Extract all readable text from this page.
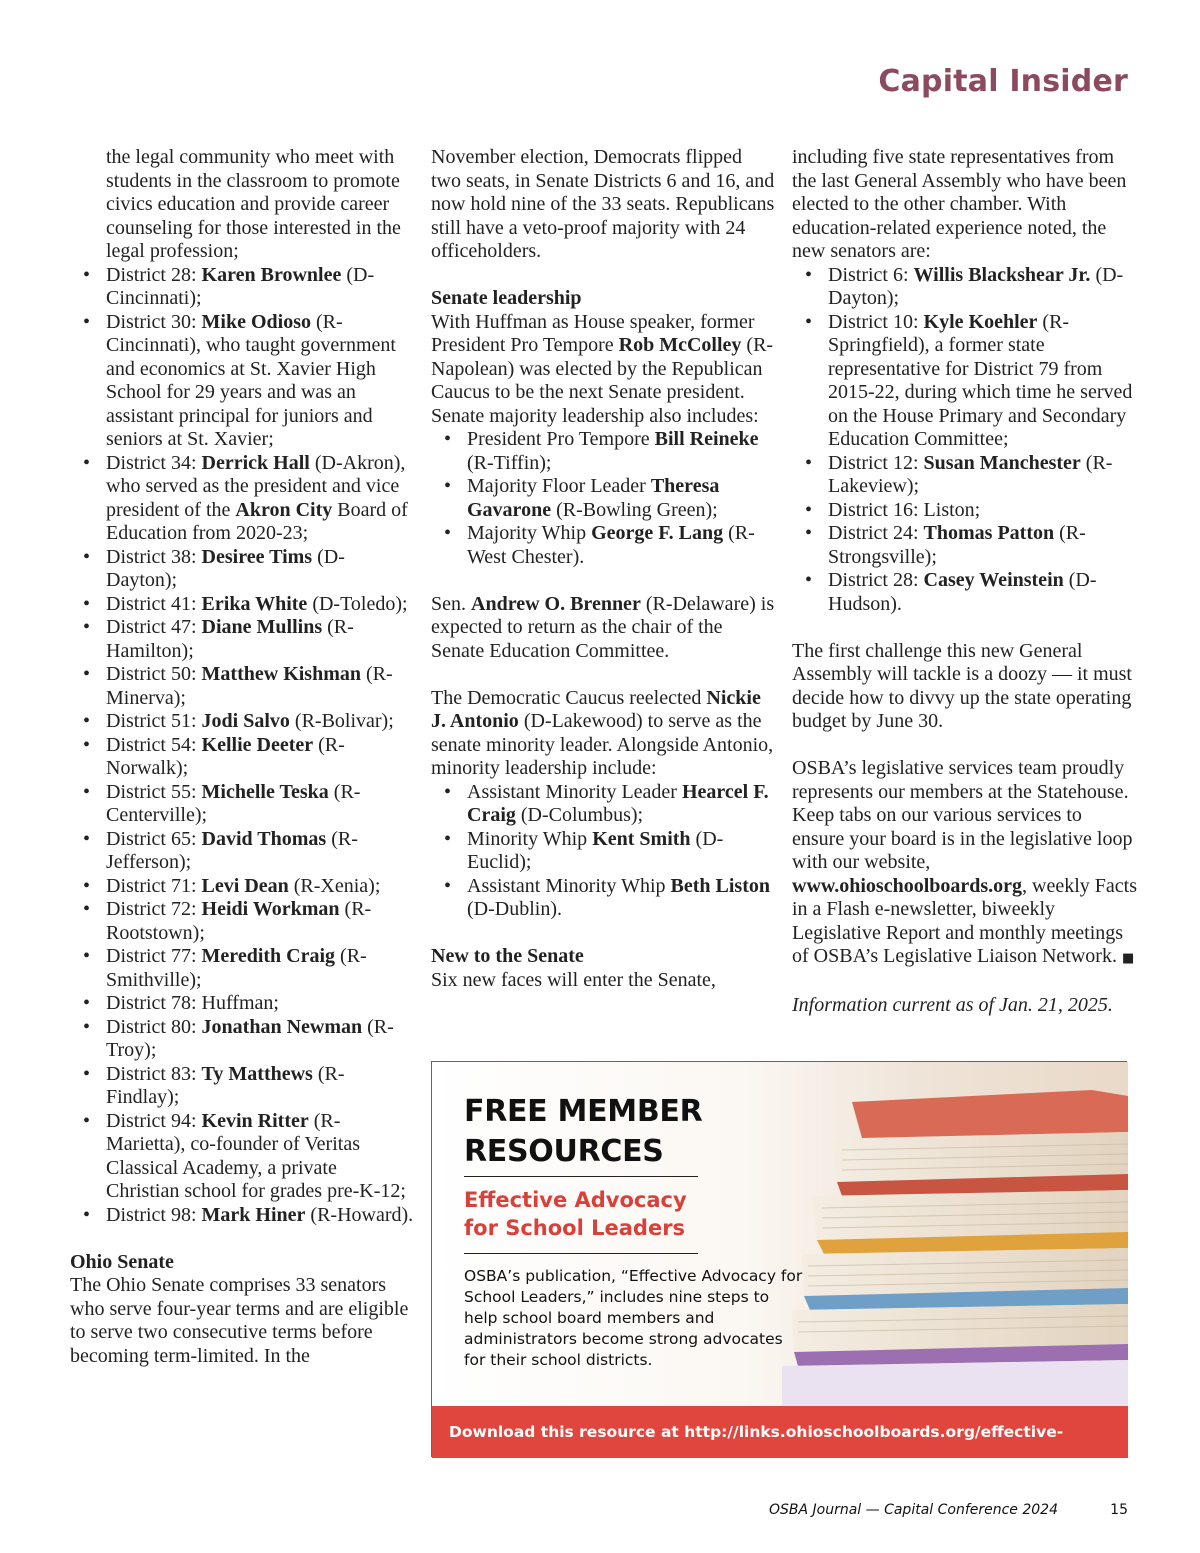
Capital Insider

the legal community who meet with students in the classroom to promote civics education and provide career counseling for those interested in the legal profession;

• District 28: Karen Brownlee (D-Cincinnati);
• District 30: Mike Odioso (R-Cincinnati), who taught government and economics at St. Xavier High School for 29 years and was an assistant principal for juniors and seniors at St. Xavier;
• District 34: Derrick Hall (D-Akron), who served as the president and vice president of the Akron City Board of Education from 2020-23;
• District 38: Desiree Tims (D-Dayton);
• District 41: Erika White (D-Toledo);
• District 47: Diane Mullins (R-Hamilton);
• District 50: Matthew Kishman (R-Minerva);
• District 51: Jodi Salvo (R-Bolivar);
• District 54: Kellie Deeter (R-Norwalk);
• District 55: Michelle Teska (R-Centerville);
• District 65: David Thomas (R-Jefferson);
• District 71: Levi Dean (R-Xenia);
• District 72: Heidi Workman (R-Rootstown);
• District 77: Meredith Craig (R-Smithville);
• District 78: Huffman;
• District 80: Jonathan Newman (R- Troy);
• District 83: Ty Matthews (R-Findlay);
• District 94: Kevin Ritter (R-Marietta), co-founder of Veritas Classical Academy, a private Christian school for grades pre-K-12;
• District 98: Mark Hiner (R-Howard).
Ohio Senate

The Ohio Senate comprises 33 senators who serve four-year terms and are eligible to serve two consecutive terms before becoming term-limited. In the

November election, Democrats flipped two seats, in Senate Districts 6 and 16, and now hold nine of the 33 seats. Republicans still have a veto-proof majority with 24 officeholders.

Senate leadership

With Huffman as House speaker, former President Pro Tempore Rob McColley (R-Napolean) was elected by the Republican Caucus to be the next Senate president. Senate majority leadership also includes:

• President Pro Tempore Bill Reineke (R-Tiffin);
• Majority Floor Leader Theresa Gavarone (R-Bowling Green);
• Majority Whip George F. Lang (R-West Chester).

Sen. Andrew O. Brenner (R-Delaware) is expected to return as the chair of the Senate Education Committee.

The Democratic Caucus reelected Nickie J. Antonio (D-Lakewood) to serve as the senate minority leader. Alongside Antonio, minority leadership include:

• Assistant Minority Leader Hearcel F. Craig (D-Columbus);
• Minority Whip Kent Smith (D-Euclid);
• Assistant Minority Whip Beth Liston (D-Dublin).
New to the Senate

Six new faces will enter the Senate,

including five state representatives from the last General Assembly who have been elected to the other chamber. With education-related experience noted, the new senators are:

• District 6: Willis Blackshear Jr. (D-Dayton);
• District 10: Kyle Koehler (R-Springfield), a former state representative for District 79 from 2015-22, during which time he served on the House Primary and Secondary Education Committee;
• District 12: Susan Manchester (R-Lakeview);
• District 16: Liston;
• District 24: Thomas Patton (R-Strongsville);
• District 28: Casey Weinstein (D-Hudson).

The first challenge this new General Assembly will tackle is a doozy — it must decide how to divvy up the state operating budget by June 30.

OSBA’s legislative services team proudly represents our members at the Statehouse. Keep tabs on our various services to ensure your board is in the legislative loop with our website, www.ohioschoolboards.org, weekly Facts in a Flash e-newsletter, biweekly Legislative Report and monthly meetings of OSBA’s Legislative Liaison Network. ■

Information current as of Jan. 21, 2025.

FREE MEMBER
RESOURCES
Effective Advocacy
for School Leaders
OSBA’s publication, “Effective Advocacy for School Leaders,” includes nine steps to help school board members and administrators become strong advocates for their school districts.
Download this resource at http://links.ohioschoolboards.org/effective-advocacy
OSBA Journal — Capital Conference 2024	15
